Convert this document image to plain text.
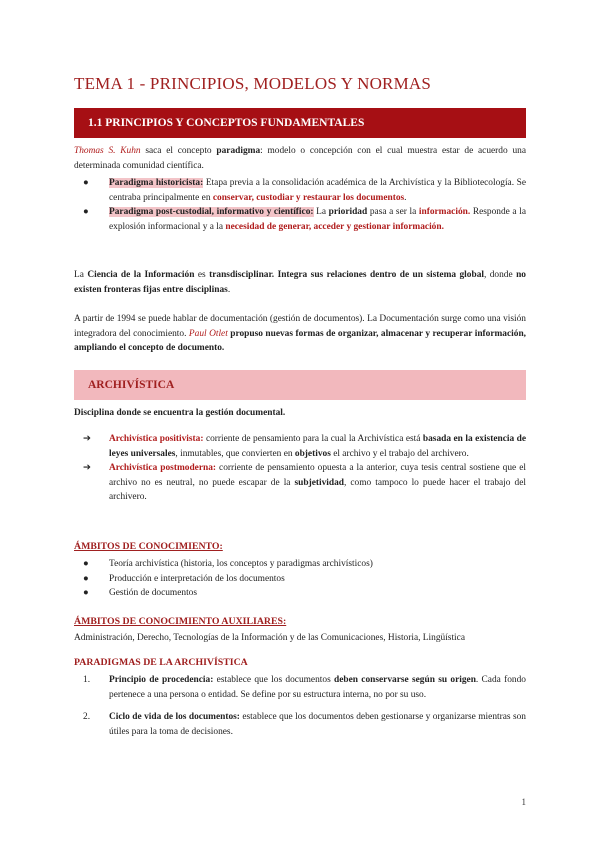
TEMA 1 - PRINCIPIOS, MODELOS Y NORMAS
1.1 PRINCIPIOS Y CONCEPTOS FUNDAMENTALES

Thomas S. Kuhn saca el concepto paradigma: modelo o concepción con el cual muestra estar de acuerdo una determinada comunidad científica.

● Paradigma historicista: Etapa previa a la consolidación académica de la Archivística y la Bibliotecología. Se centraba principalmente en conservar, custodiar y restaurar los documentos.
● Paradigma post-custodial, informativo y científico: La prioridad pasa a ser la información. Responde a la explosión informacional y a la necesidad de generar, acceder y gestionar información.

La Ciencia de la Información es transdisciplinar. Integra sus relaciones dentro de un sistema global, donde no existen fronteras fijas entre disciplinas.

A partir de 1994 se puede hablar de documentación (gestión de documentos). La Documentación surge como una visión integradora del conocimiento. Paul Otlet propuso nuevas formas de organizar, almacenar y recuperar información, ampliando el concepto de documento.

ARCHIVÍSTICA

Disciplina donde se encuentra la gestión documental.

➔ Archivística positivista: corriente de pensamiento para la cual la Archivística está basada en la existencia de leyes universales, inmutables, que convierten en objetivos el archivo y el trabajo del archivero.
➔ Archivística postmoderna: corriente de pensamiento opuesta a la anterior, cuya tesis central sostiene que el archivo no es neutral, no puede escapar de la subjetividad, como tampoco lo puede hacer el trabajo del archivero.
ÁMBITOS DE CONOCIMIENTO:
● Teoría archivística (historia, los conceptos y paradigmas archivísticos)
● Producción e interpretación de los documentos
● Gestión de documentos
ÁMBITOS DE CONOCIMIENTO AUXILIARES:

Administración, Derecho, Tecnologías de la Información y de las Comunicaciones, Historia, Lingüística

PARADIGMAS DE LA ARCHIVÍSTICA
1. Principio de procedencia: establece que los documentos deben conservarse según su origen. Cada fondo pertenece a una persona o entidad. Se define por su estructura interna, no por su uso.
2. Ciclo de vida de los documentos: establece que los documentos deben gestionarse y organizarse mientras son útiles para la toma de decisiones.
1
